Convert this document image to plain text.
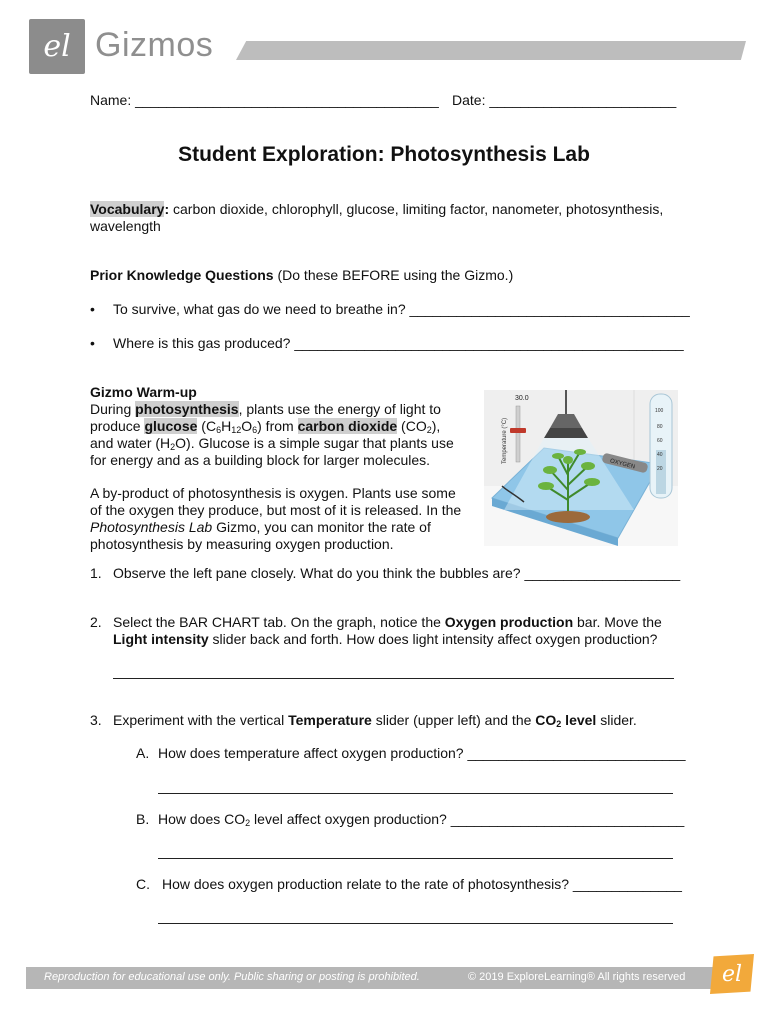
el Gizmos
Name: _______________________________________ Date: ________________________
Student Exploration: Photosynthesis Lab
Vocabulary: carbon dioxide, chlorophyll, glucose, limiting factor, nanometer, photosynthesis,
wavelength
Prior Knowledge Questions (Do these BEFORE using the Gizmo.)
• To survive, what gas do we need to breathe in? ____________________________________
• Where is this gas produced? __________________________________________________
Gizmo Warm-up
During photosynthesis, plants use the energy of light to
produce glucose $(C_6H_{12}O_6)$ from carbon dioxide $(CO_2)$,
and water $(H_2O)$. Glucose is a simple sugar that plants use
for energy and as a building block for larger molecules.
A by-product of photosynthesis is oxygen. Plants use some
of the oxygen they produce, but most of it is released. In the
Photosynthesis Lab Gizmo, you can monitor the rate of
photosynthesis by measuring oxygen production.
OXYGEN
100
80
60
40
20
30.0
Temperature (°C)
1. Observe the left pane closely. What do you think the bubbles are? ____________________
2. Select the BAR CHART tab. On the graph, notice the Oxygen production bar. Move the
Light intensity slider back and forth. How does light intensity affect oxygen production?
3. Experiment with the vertical Temperature slider (upper left) and the $CO_2$ level slider.
A. How does temperature affect oxygen production? ____________________________
B. How does $CO_2$ level affect oxygen production? ______________________________
C. How does oxygen production relate to the rate of photosynthesis? ______________
Reproduction for educational use only. Public sharing or posting is prohibited.	© 2019 ExploreLearning® All rights reserved	el
